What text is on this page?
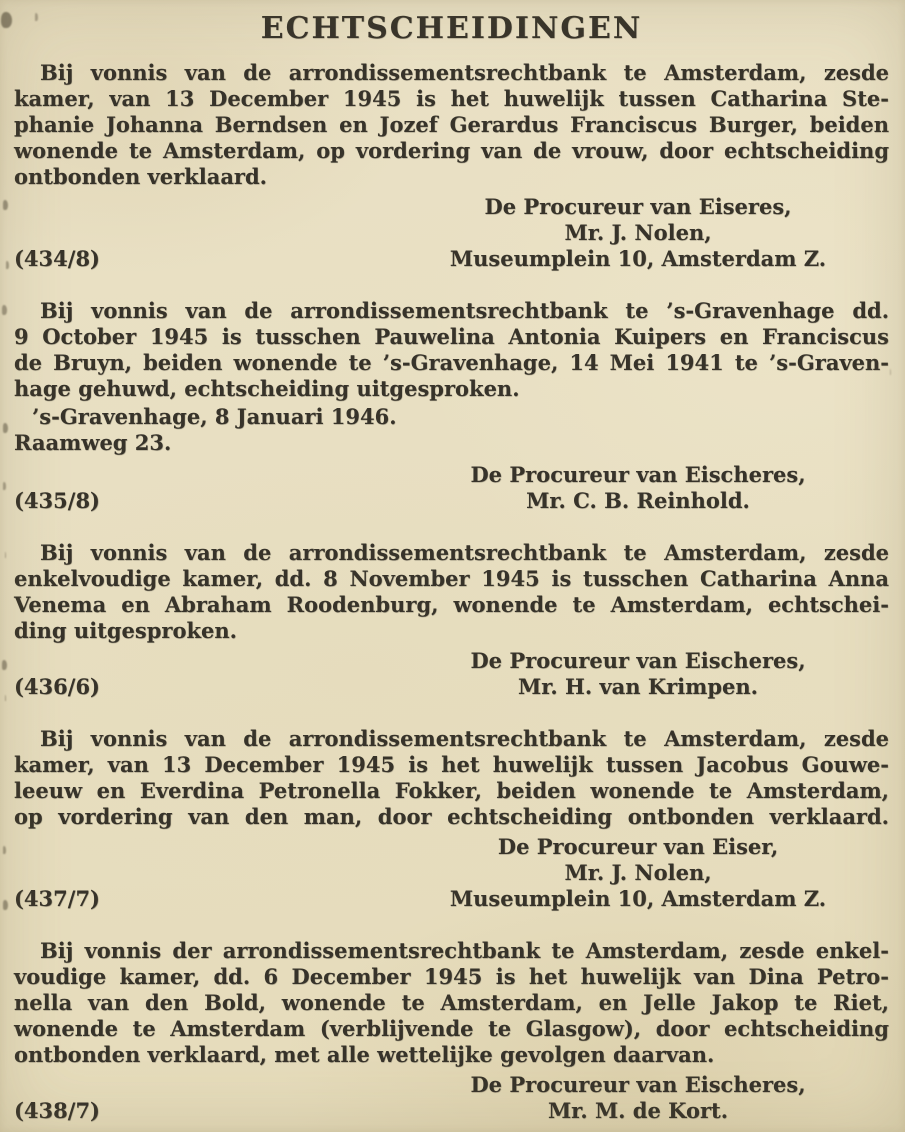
ECHTSCHEIDINGEN
Bij vonnis van de arrondissementsrechtbank te Amsterdam, zesde
kamer, van 13 December 1945 is het huwelijk tussen Catharina Ste-
phanie Johanna Berndsen en Jozef Gerardus Franciscus Burger, beiden
wonende te Amsterdam, op vordering van de vrouw, door echtscheiding
ontbonden verklaard.
De Procureur van Eiseres,
Mr. J. Nolen,
Museumplein 10, Amsterdam Z.
(434/8)
Bij vonnis van de arrondissementsrechtbank te ’s-Gravenhage dd.
9 October 1945 is tusschen Pauwelina Antonia Kuipers en Franciscus
de Bruyn, beiden wonende te ’s-Gravenhage, 14 Mei 1941 te ’s-Graven-
hage gehuwd, echtscheiding uitgesproken.
’s-Gravenhage, 8 Januari 1946.
Raamweg 23.
De Procureur van Eischeres,
Mr. C. B. Reinhold.
(435/8)
Bij vonnis van de arrondissementsrechtbank te Amsterdam, zesde
enkelvoudige kamer, dd. 8 November 1945 is tusschen Catharina Anna
Venema en Abraham Roodenburg, wonende te Amsterdam, echtschei-
ding uitgesproken.
De Procureur van Eischeres,
Mr. H. van Krimpen.
(436/6)
Bij vonnis van de arrondissementsrechtbank te Amsterdam, zesde
kamer, van 13 December 1945 is het huwelijk tussen Jacobus Gouwe-
leeuw en Everdina Petronella Fokker, beiden wonende te Amsterdam,
op vordering van den man, door echtscheiding ontbonden verklaard.
De Procureur van Eiser,
Mr. J. Nolen,
Museumplein 10, Amsterdam Z.
(437/7)
Bij vonnis der arrondissementsrechtbank te Amsterdam, zesde enkel-
voudige kamer, dd. 6 December 1945 is het huwelijk van Dina Petro-
nella van den Bold, wonende te Amsterdam, en Jelle Jakop te Riet,
wonende te Amsterdam (verblijvende te Glasgow), door echtscheiding
ontbonden verklaard, met alle wettelijke gevolgen daarvan.
De Procureur van Eischeres,
Mr. M. de Kort.
(438/7)
